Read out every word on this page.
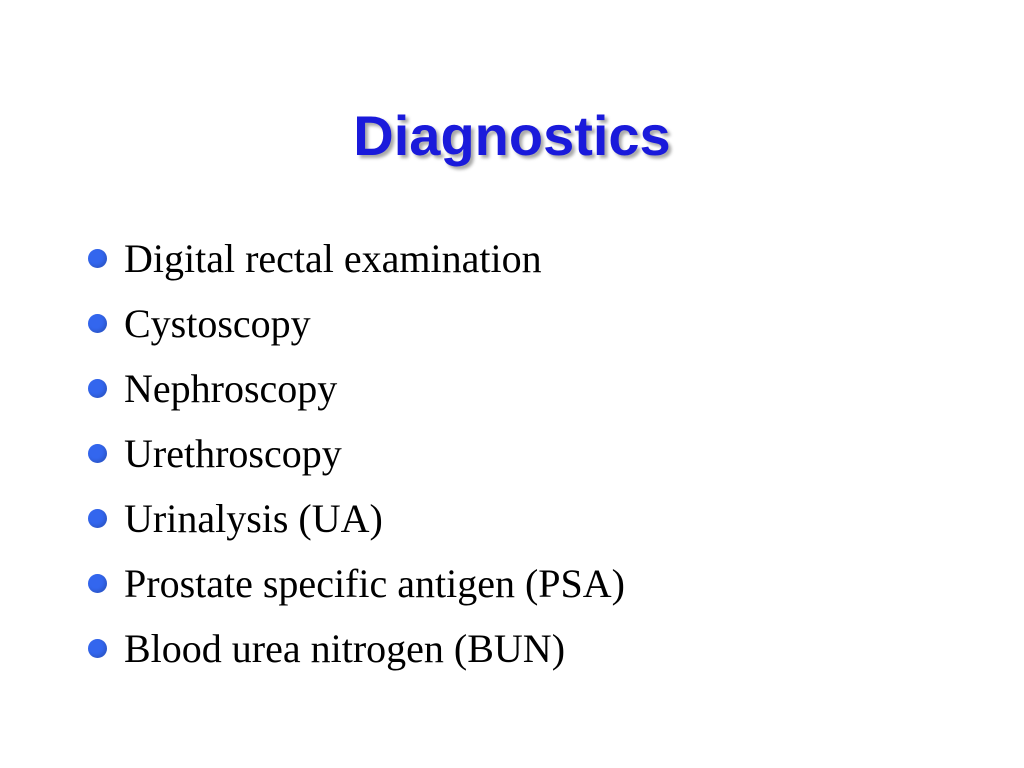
Diagnostics
Digital rectal examination
Cystoscopy
Nephroscopy
Urethroscopy
Urinalysis (UA)
Prostate specific antigen (PSA)
Blood urea nitrogen (BUN)
